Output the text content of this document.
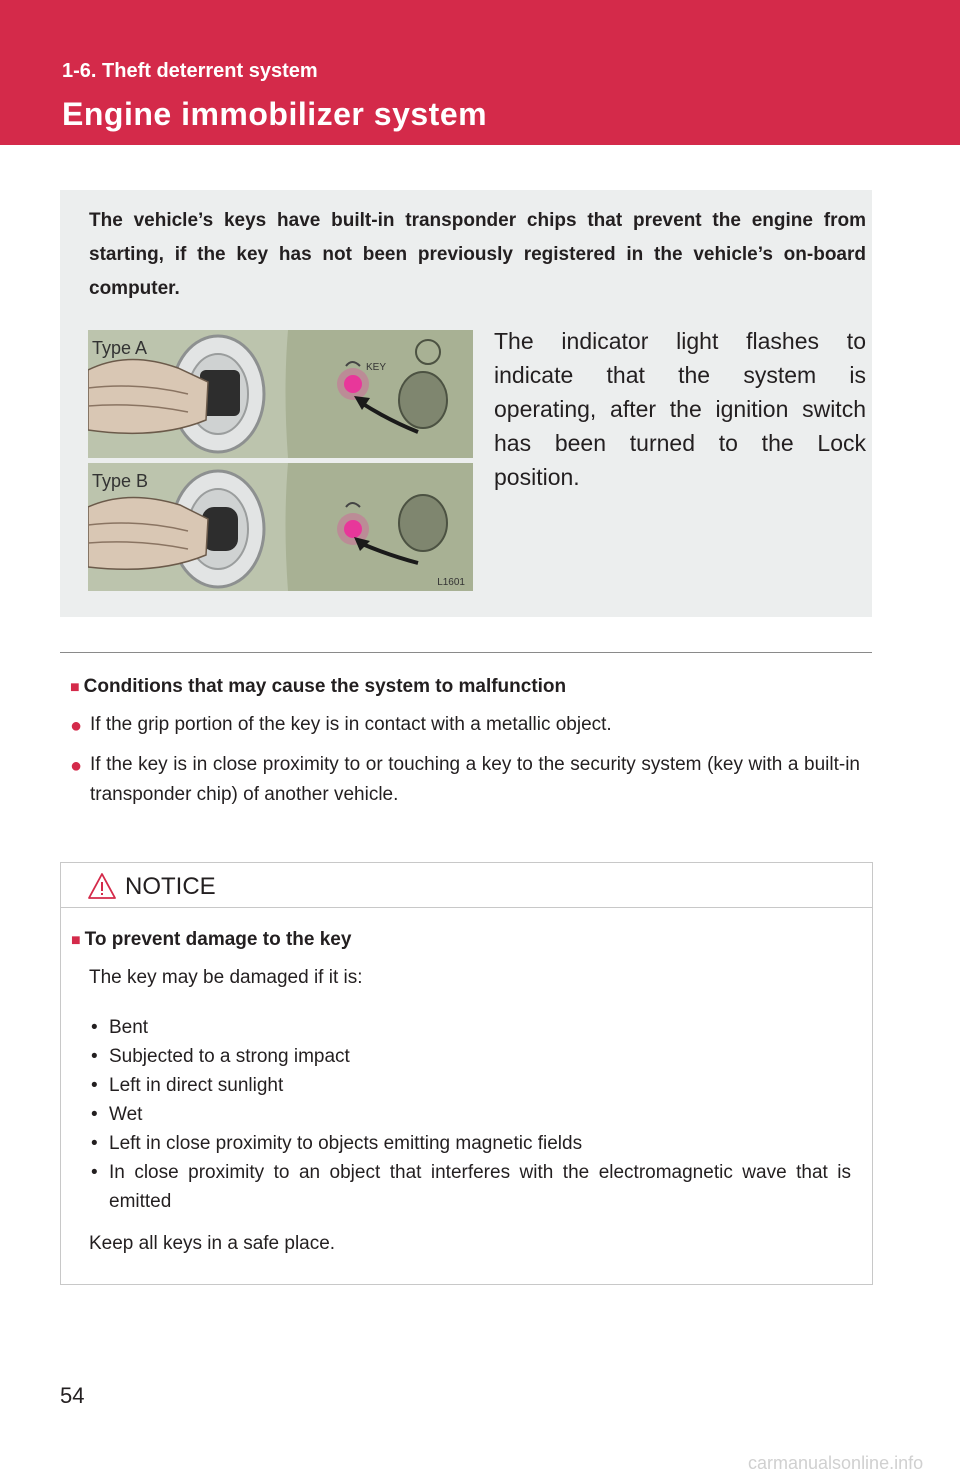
1-6. Theft deterrent system
Engine immobilizer system
The vehicle’s keys have built-in transponder chips that prevent the engine from starting, if the key has not been previously registered in the vehicle’s on-board computer.
Type A
KEY
Type B
L1601
The indicator light flashes to indicate that the system is operating, after the ignition switch has been turned to the Lock position.
■ Conditions that may cause the system to malfunction
● If the grip portion of the key is in contact with a metallic object.
● If the key is in close proximity to or touching a key to the security system (key with a built-in transponder chip) of another vehicle.
NOTICE
■ To prevent damage to the key
The key may be damaged if it is:
• Bent
• Subjected to a strong impact
• Left in direct sunlight
• Wet
• Left in close proximity to objects emitting magnetic fields
• In close proximity to an object that interferes with the electromagnetic wave that is emitted
Keep all keys in a safe place.
54
carmanualsonline.info
